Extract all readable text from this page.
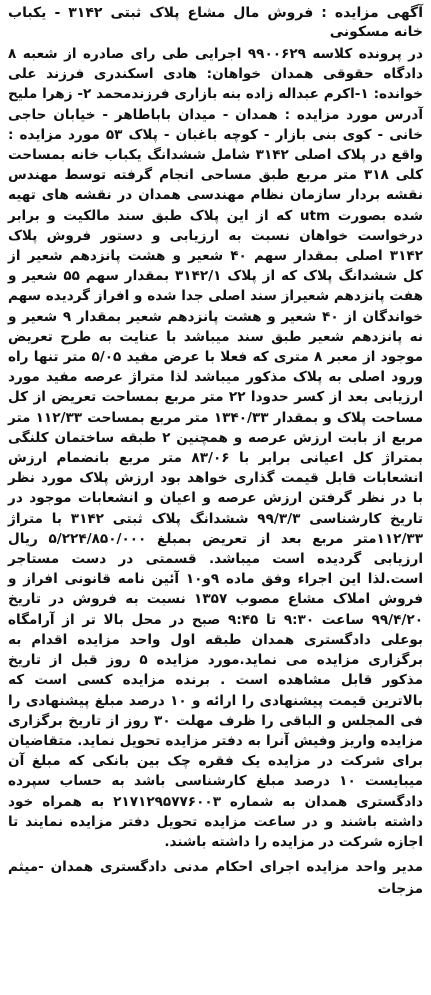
آگهی مزایده : فروش مال مشاع پلاک ثبتی ۳۱۴۲ - یکباب خانه مسکونی

در پرونده کلاسه ۹۹۰۰۶۲۹ اجرایی طی رای صادره از شعبه ۸ دادگاه حقوقی همدان خواهان: هادی اسکندری فرزند علی خوانده: ۱-اکرم عبداله زاده بنه بازاری فرزندمحمد ۲- زهرا ملیح آدرس مورد مزایده : همدان - میدان باباطاهر - خیابان حاجی خانی - کوی بنی بازار - کوچه باغبان - پلاک ۵۳ مورد مزایده : واقع در پلاک اصلی ۳۱۴۲ شامل ششدانگ یکباب خانه بمساحت کلی ۳۱۸ متر مربع طبق مساحی انجام گرفته توسط مهندس نقشه بردار سازمان نظام مهندسی همدان در نقشه های تهیه شده بصورت utm که از این پلاک طبق سند مالکیت و برابر درخواست خواهان نسبت به ارزیابی و دستور فروش پلاک ۳۱۴۲ اصلی بمقدار سهم ۴۰ شعیر و هشت پانزدهم شعیر از کل ششدانگ پلاک که از پلاک ۳۱۴۲/۱ بمقدار سهم ۵۵ شعیر و هفت پانزدهم شعیراز سند اصلی جدا شده و افراز گردیده سهم خواندگان از ۴۰ شعیر و هشت پانزدهم شعیر بمقدار ۹ شعیر و نه پانزدهم شعیر طبق سند میباشد با عنایت به طرح تعریض موجود از معبر ۸ متری که فعلا با عرض مفید ۵/۰۵ متر تنها راه ورود اصلی به پلاک مذکور میباشد لذا متراژ عرصه مفید مورد ارزیابی بعد از کسر حدودا ۲۲ متر مربع بمساحت تعریض از کل مساحت پلاک و بمقدار ۱۳۴۰/۳۳ متر مربع بمساحت ۱۱۲/۳۳ متر مربع از بابت ارزش عرصه و همچنین ۲ طبقه ساختمان کلنگی بمتراژ کل اعیانی برابر با ۸۳/۰۶ متر مربع بانضمام ارزش انشعابات قابل قیمت گذاری خواهد بود ارزش پلاک مورد نظر با در نظر گرفتن ارزش عرصه و اعیان و انشعابات موجود در تاریخ کارشناسی ۹۹/۳/۳ ششدانگ پلاک ثبتی ۳۱۴۲ با متراژ ۱۱۲/۳۳متر مربع بعد از تعریض بمبلغ ۵/۲۲۴/۸۵۰/۰۰۰ ریال ارزیابی گردیده است میباشد. قسمتی در دست مستاجر است.لذا این اجراء وفق ماده ۹و۱۰ آئین نامه قانونی افراز و فروش املاک مشاع مصوب ۱۳۵۷ نسبت به فروش در تاریخ ۹۹/۴/۲۰ ساعت ۹:۳۰ تا ۹:۴۵ صبح در محل بالا تر از آرامگاه بوعلی دادگستری همدان طبقه اول واحد مزایده اقدام به برگزاری مزایده می نماید.مورد مزایده ۵ روز قبل از تاریخ مذکور قابل مشاهده است . برنده مزایده کسی است که بالاترین قیمت پیشنهادی را ارائه و ۱۰ درصد مبلغ پیشنهادی را فی المجلس و الباقی را ظرف مهلت ۳۰ روز از تاریخ برگزاری مزایده واریز وفیش آنرا به دفتر مزایده تحویل نماید. متقاضیان برای شرکت در مزایده یک فقره چک بین بانکی که مبلغ آن میبایست ۱۰ درصد مبلغ کارشناسی باشد به حساب سپرده دادگستری همدان به شماره ۲۱۷۱۲۹۵۷۷۶۰۰۳ به همراه خود داشته باشند و در ساعت مزایده تحویل دفتر مزایده نمایند تا اجازه شرکت در مزایده را داشته باشند.

مدیر واحد مزایده اجرای احکام مدنی دادگستری همدان -میثم مزجات
